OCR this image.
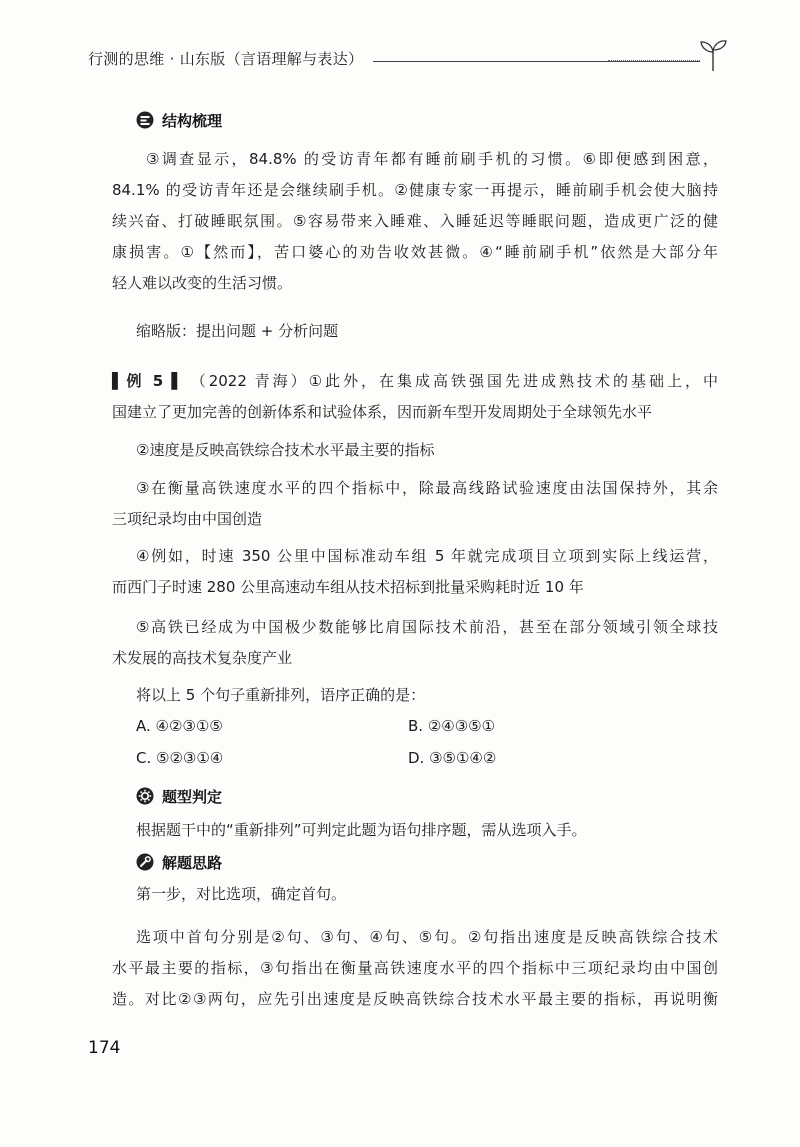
行测的思维 · 山东版（言语理解与表达）
结构梳理
③调查显示，84.8% 的受访青年都有睡前刷手机的习惯。⑥即便感到困意，
84.1% 的受访青年还是会继续刷手机。②健康专家一再提示，睡前刷手机会使大脑持
续兴奋、打破睡眠氛围。⑤容易带来入睡难、入睡延迟等睡眠问题，造成更广泛的健
康损害。①【然而】，苦口婆心的劝告收效甚微。④“睡前刷手机”依然是大部分年
轻人难以改变的生活习惯。
缩略版：提出问题 + 分析问题
▌例 5 ▌ （2022 青海）①此外，在集成高铁强国先进成熟技术的基础上，中
国建立了更加完善的创新体系和试验体系，因而新车型开发周期处于全球领先水平
②速度是反映高铁综合技术水平最主要的指标
③在衡量高铁速度水平的四个指标中，除最高线路试验速度由法国保持外，其余
三项纪录均由中国创造
④例如，时速 350 公里中国标准动车组 5 年就完成项目立项到实际上线运营，
而西门子时速 280 公里高速动车组从技术招标到批量采购耗时近 10 年
⑤高铁已经成为中国极少数能够比肩国际技术前沿，甚至在部分领域引领全球技
术发展的高技术复杂度产业
将以上 5 个句子重新排列，语序正确的是：
A. ④②③①⑤	B. ②④③⑤①
C. ⑤②③①④	D. ③⑤①④②
题型判定
根据题干中的“重新排列”可判定此题为语句排序题，需从选项入手。
解题思路
第一步，对比选项，确定首句。
选项中首句分别是②句、③句、④句、⑤句。②句指出速度是反映高铁综合技术
水平最主要的指标，③句指出在衡量高铁速度水平的四个指标中三项纪录均由中国创
造。对比②③两句，应先引出速度是反映高铁综合技术水平最主要的指标，再说明衡
174
